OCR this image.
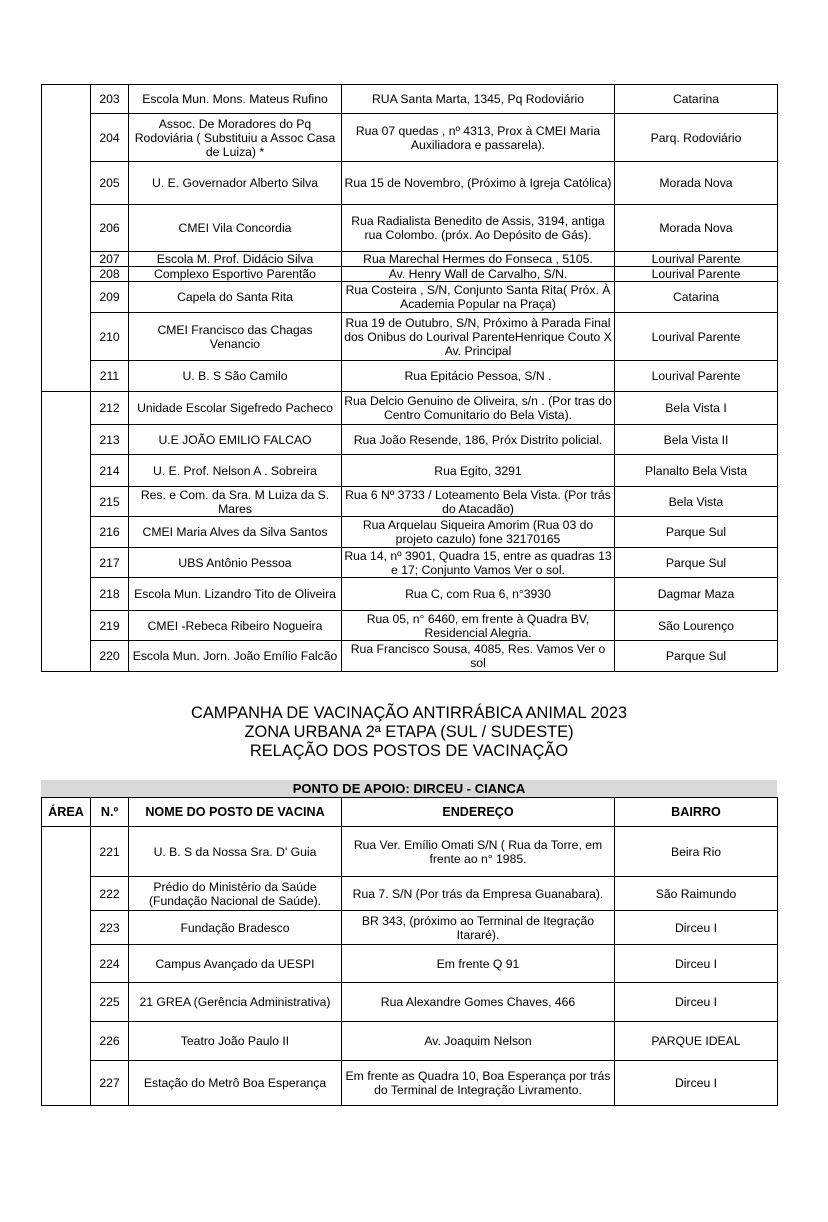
	203	Escola Mun. Mons. Mateus Rufino	RUA Santa Marta, 1345, Pq Rodoviário	Catarina
	204	Assoc. De Moradores do Pq Rodoviária ( Substituiu a Assoc Casa de Luiza) *	Rua 07 quedas , nº 4313, Prox à CMEI Maria Auxiliadora e passarela).	Parq. Rodoviário
	205	U. E. Governador Alberto Silva	Rua 15 de Novembro, (Próximo à Igreja Católica)	Morada Nova
	206	CMEI Vila Concordia	Rua Radialista Benedito de Assis, 3194, antiga rua Colombo. (próx. Ao Depósito de Gás).	Morada Nova
	207	Escola M. Prof. Didácio Silva	Rua Marechal Hermes do Fonseca , 5105.	Lourival Parente
	208	Complexo Esportivo Parentão	Av. Henry Wall de Carvalho, S/N.	Lourival Parente
	209	Capela do Santa Rita	Rua Costeira , S/N, Conjunto Santa Rita( Próx. À Academia Popular na Praça)	Catarina
	210	CMEI Francisco das Chagas Venancio	Rua 19 de Outubro, S/N, Próximo à Parada Final dos Onibus do Lourival ParenteHenrique Couto X Av. Principal	Lourival Parente
	211	U. B. S São Camilo	Rua Epitácio Pessoa, S/N .	Lourival Parente
	212	Unidade Escolar Sigefredo Pacheco	Rua Delcio Genuino de Oliveira, s/n . (Por tras do Centro Comunitario do Bela Vista).	Bela Vista I
	213	U.E JOÃO EMILIO FALCAO	Rua João Resende, 186, Próx Distrito policial.	Bela Vista II
	214	U. E. Prof. Nelson A . Sobreira	Rua Egito, 3291	Planalto Bela Vista
	215	Res. e Com. da Sra. M Luiza da S. Mares	Rua 6 Nº 3733 / Loteamento Bela Vista. (Por trás do Atacadão)	Bela Vista
	216	CMEI Maria Alves da Silva Santos	Rua Arquelau Siqueira Amorim (Rua 03 do projeto cazulo) fone 32170165	Parque Sul
	217	UBS Antônio Pessoa	Rua 14, nº 3901, Quadra 15, entre as quadras 13 e 17; Conjunto Vamos Ver o sol.	Parque Sul
	218	Escola Mun. Lizandro Tito de Oliveira	Rua C, com Rua 6, n°3930	Dagmar Maza
	219	CMEI -Rebeca Ribeiro Nogueira	Rua 05, n° 6460, em frente à Quadra BV, Residencial Alegria.	São Lourenço
	220	Escola Mun. Jorn. João Emílio Falcão	Rua Francisco Sousa, 4085, Res. Vamos Ver o sol	Parque Sul
CAMPANHA DE VACINAÇÃO ANTIRRÁBICA ANIMAL 2023
ZONA URBANA 2ª ETAPA (SUL / SUDESTE)
RELAÇÃO DOS POSTOS DE VACINAÇÃO
PONTO DE APOIO: DIRCEU - CIANCA
ÁREA	N.º	NOME DO POSTO DE VACINA	ENDEREÇO	BAIRRO
	221	U. B. S da Nossa Sra. D' Guia	Rua Ver. Emílio Omati S/N ( Rua da Torre, em frente ao n° 1985.	Beira Rio
	222	Prédio do Ministério da Saúde (Fundação Nacional de Saúde).	Rua 7. S/N (Por trás da Empresa Guanabara).	São Raimundo
	223	Fundação Bradesco	BR 343, (próximo ao Terminal de Itegração Itararé).	Dirceu I
	224	Campus Avançado da UESPI	Em frente Q 91	Dirceu I
	225	21 GREA (Gerência Administrativa)	Rua Alexandre Gomes Chaves, 466	Dirceu I
	226	Teatro João Paulo II	Av. Joaquim Nelson	PARQUE IDEAL
	227	Estação do Metrô Boa Esperança	Em frente as Quadra 10, Boa Esperança por trás do Terminal de Integração Livramento.	Dirceu I
